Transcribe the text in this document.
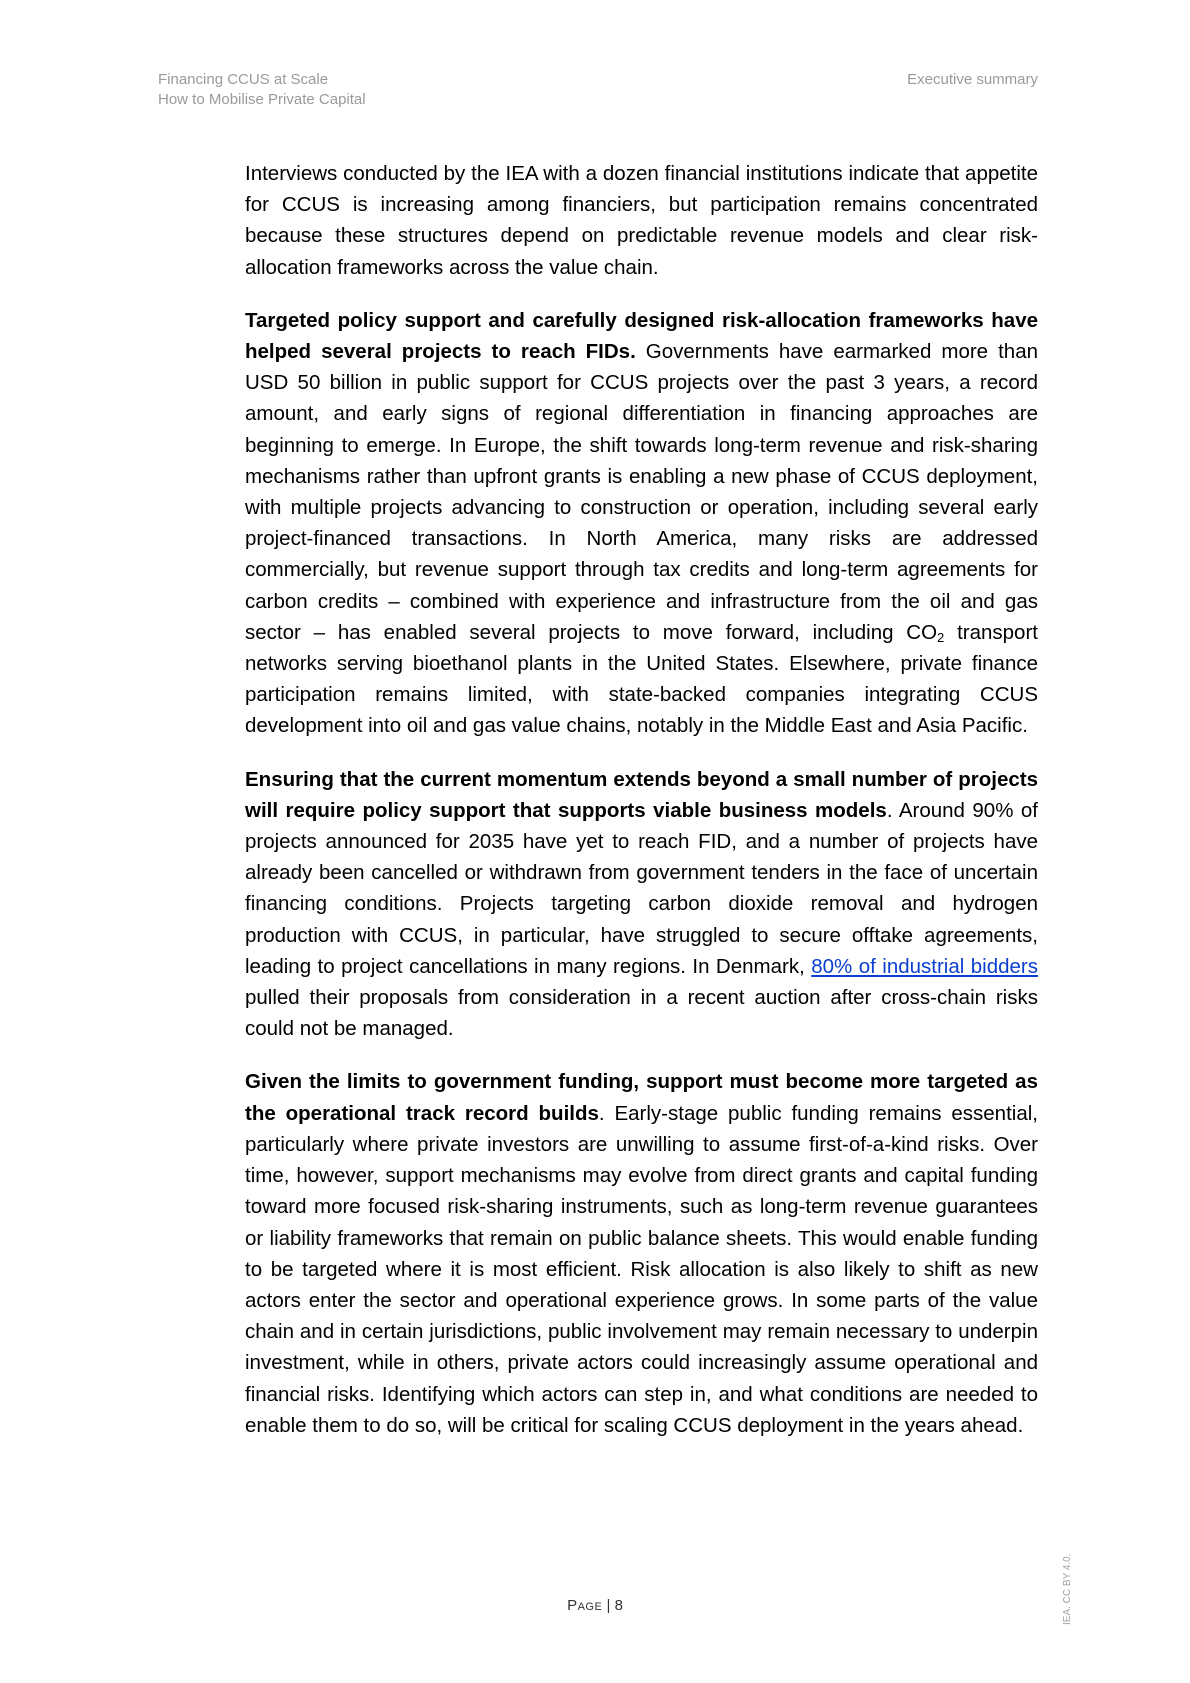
Financing CCUS at Scale
How to Mobilise Private Capital
Executive summary

Interviews conducted by the IEA with a dozen financial institutions indicate that appetite for CCUS is increasing among financiers, but participation remains concentrated because these structures depend on predictable revenue models and clear risk-allocation frameworks across the value chain.

Targeted policy support and carefully designed risk-allocation frameworks have helped several projects to reach FIDs. Governments have earmarked more than USD 50 billion in public support for CCUS projects over the past 3 years, a record amount, and early signs of regional differentiation in financing approaches are beginning to emerge. In Europe, the shift towards long-term revenue and risk-sharing mechanisms rather than upfront grants is enabling a new phase of CCUS deployment, with multiple projects advancing to construction or operation, including several early project-financed transactions. In North America, many risks are addressed commercially, but revenue support through tax credits and long-term agreements for carbon credits – combined with experience and infrastructure from the oil and gas sector – has enabled several projects to move forward, including $CO_2$ transport networks serving bioethanol plants in the United States. Elsewhere, private finance participation remains limited, with state-backed companies integrating CCUS development into oil and gas value chains, notably in the Middle East and Asia Pacific.

Ensuring that the current momentum extends beyond a small number of projects will require policy support that supports viable business models. Around 90% of projects announced for 2035 have yet to reach FID, and a number of projects have already been cancelled or withdrawn from government tenders in the face of uncertain financing conditions. Projects targeting carbon dioxide removal and hydrogen production with CCUS, in particular, have struggled to secure offtake agreements, leading to project cancellations in many regions. In Denmark, 80% of industrial bidders pulled their proposals from consideration in a recent auction after cross-chain risks could not be managed.

Given the limits to government funding, support must become more targeted as the operational track record builds. Early-stage public funding remains essential, particularly where private investors are unwilling to assume first-of-a-kind risks. Over time, however, support mechanisms may evolve from direct grants and capital funding toward more focused risk-sharing instruments, such as long-term revenue guarantees or liability frameworks that remain on public balance sheets. This would enable funding to be targeted where it is most efficient. Risk allocation is also likely to shift as new actors enter the sector and operational experience grows. In some parts of the value chain and in certain jurisdictions, public involvement may remain necessary to underpin investment, while in others, private actors could increasingly assume operational and financial risks. Identifying which actors can step in, and what conditions are needed to enable them to do so, will be critical for scaling CCUS deployment in the years ahead.

Page | 8	IEA. CC BY 4.0.
